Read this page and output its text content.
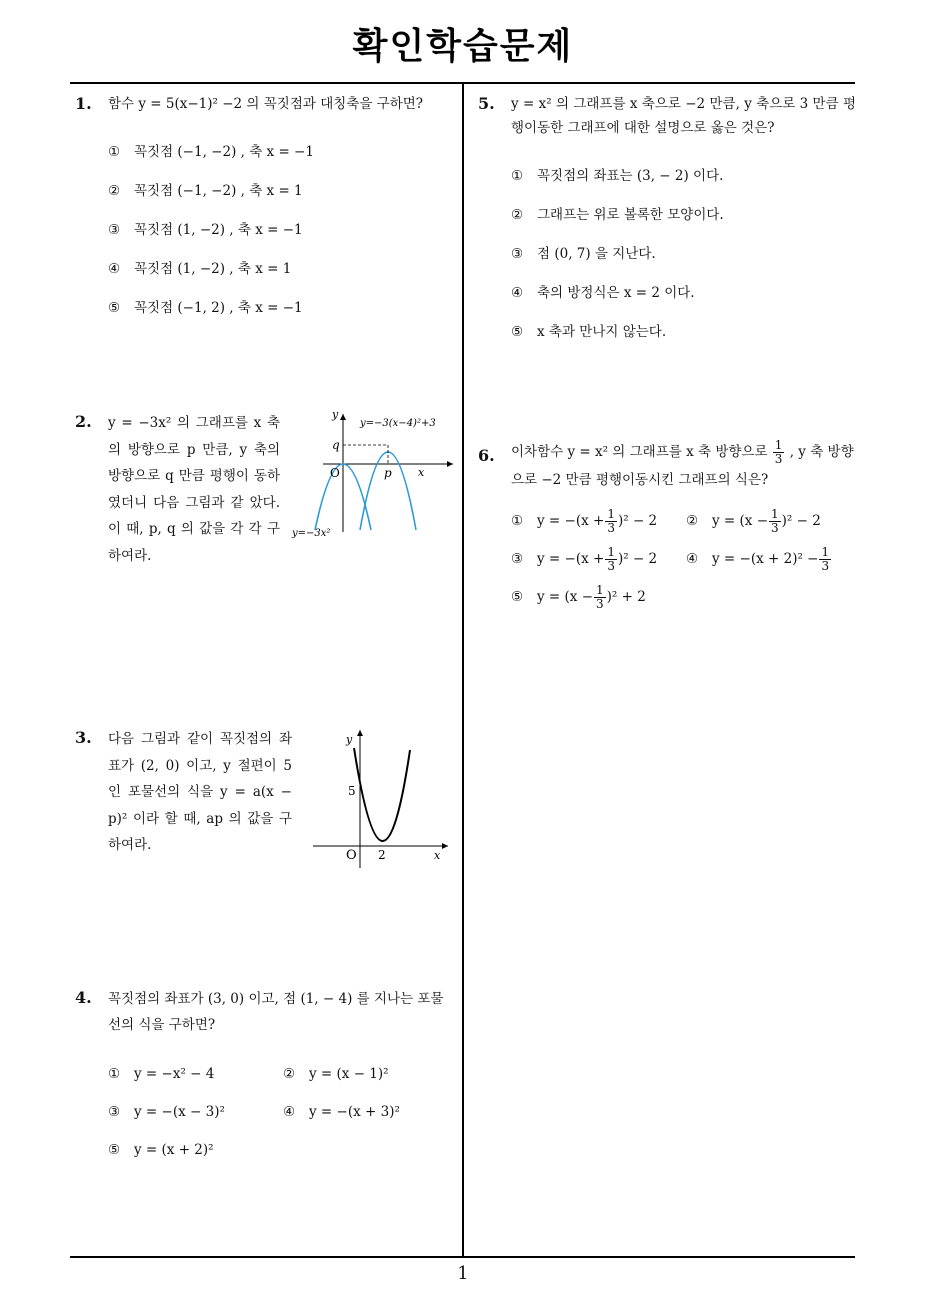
확인학습문제
1. 함수 y = 5(x−1)² −2 의 꼭짓점과 대칭축을 구하면?
① 꼭짓점 (−1, −2) , 축 x = −1
② 꼭짓점 (−1, −2) , 축 x = 1
③ 꼭짓점 (1, −2) , 축 x = −1
④ 꼭짓점 (1, −2) , 축 x = 1
⑤ 꼭짓점 (−1, 2) , 축 x = −1
2. y = −3x² 의 그래프를 x 축의 방향으로 p 만큼, y 축의 방향으로 q 만큼 평행이 동하였더니 다음 그림과 같 았다. 이 때, p, q 의 값을 각 각 구하여라.
y
x
O
q
p
y=−3x²
y=−3(x−4)²+3
3. 다음 그림과 같이 꼭짓점의 좌표가 (2, 0) 이고, y 절편이 5 인 포물선의 식을 y = a(x − p)² 이라 할 때, ap 의 값을 구하여라.
y
x
O
5
2
4. 꼭짓점의 좌표가 (3, 0) 이고, 점 (1, − 4) 를 지나는 포물선의 식을 구하면?
① y = −x² − 4	② y = (x − 1)²
③ y = −(x − 3)²	④ y = −(x + 3)²
⑤ y = (x + 2)²
5. y = x² 의 그래프를 x 축으로 −2 만큼, y 축으로 3 만큼 평행이동한 그래프에 대한 설명으로 옳은 것은?
① 꼭짓점의 좌표는 (3, − 2) 이다.
② 그래프는 위로 볼록한 모양이다.
③ 점 (0, 7) 을 지난다.
④ 축의 방정식은 x = 2 이다.
⑤ x 축과 만나지 않는다.
6. 이차함수 y = x² 의 그래프를 x 축 방향으로 $\frac{1}{3}$ , y 축 방향으로 −2 만큼 평행이동시킨 그래프의 식은?
① $y = -(x + \frac{1}{3} )^2 - 2$	② $y = (x - \frac{1}{3} )^2 - 2$
③ $y = -(x + \frac{1}{3} )^2 - 2$	④ $y = -(x + 2)^2 - \frac{1}{3}$
⑤ $y = (x - \frac{1}{3} )^2 + 2$
1
